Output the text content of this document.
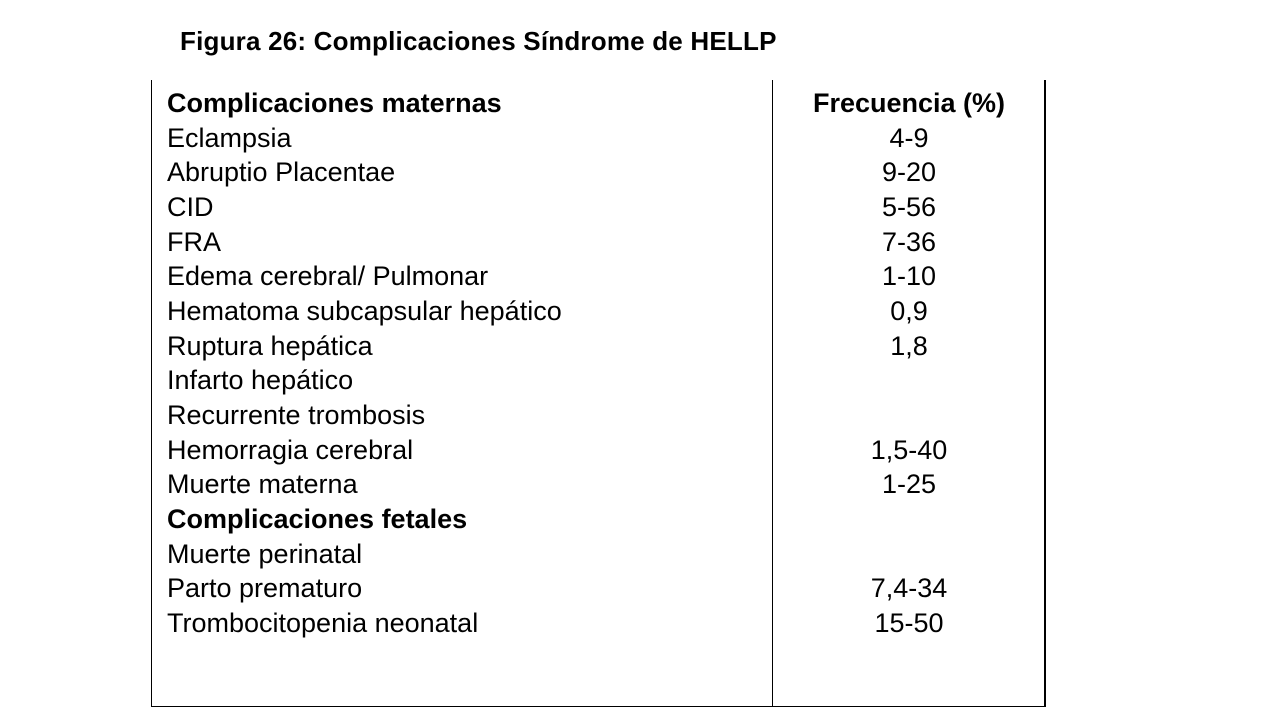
Figura 26: Complicaciones Síndrome de HELLP
Complicaciones maternas	Frecuencia (%)
Eclampsia	4-9
Abruptio Placentae	9-20
CID	5-56
FRA	7-36
Edema cerebral/ Pulmonar	1-10
Hematoma subcapsular hepático	0,9
Ruptura hepática	1,8
Infarto hepático
Recurrente trombosis
Hemorragia cerebral	1,5-40
Muerte materna	1-25
Complicaciones fetales
Muerte perinatal
Parto prematuro	7,4-34
Trombocitopenia neonatal	15-50
